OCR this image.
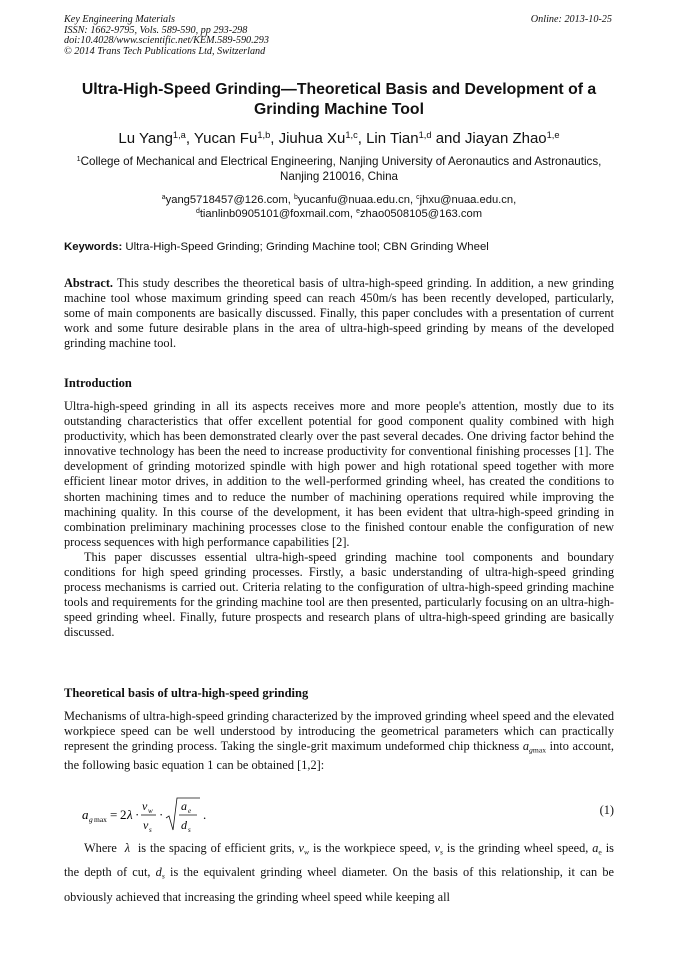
Key Engineering Materials
ISSN: 1662-9795, Vols. 589-590, pp 293-298
doi:10.4028/www.scientific.net/KEM.589-590.293
© 2014 Trans Tech Publications Ltd, Switzerland
Online: 2013-10-25
Ultra-High-Speed Grinding—Theoretical Basis and Development of a Grinding Machine Tool
Lu Yang$^{1,a}$, Yucan Fu$^{1,b}$, Jiuhua Xu$^{1,c}$, Lin Tian$^{1,d}$ and Jiayan Zhao$^{1,e}$
$^1$College of Mechanical and Electrical Engineering, Nanjing University of Aeronautics and Astronautics, Nanjing 210016, China
$^a$yang5718457@126.com, $^b$yucanfu@nuaa.edu.cn, $^c$jhxu@nuaa.edu.cn,
$^d$tianlinb0905101@foxmail.com, $^e$zhao0508105@163.com
Keywords: Ultra-High-Speed Grinding; Grinding Machine tool; CBN Grinding Wheel

Abstract. This study describes the theoretical basis of ultra-high-speed grinding. In addition, a new grinding machine tool whose maximum grinding speed can reach 450m/s has been recently developed, particularly, some of main components are basically discussed. Finally, this paper concludes with a presentation of current work and some future desirable plans in the area of ultra-high-speed grinding by means of the developed grinding machine tool.

Introduction

Ultra-high-speed grinding in all its aspects receives more and more people's attention, mostly due to its outstanding characteristics that offer excellent potential for good component quality combined with high productivity, which has been demonstrated clearly over the past several decades. One driving factor behind the innovative technology has been the need to increase productivity for conventional finishing processes [1]. The development of grinding motorized spindle with high power and high rotational speed together with more efficient linear motor drives, in addition to the well-performed grinding wheel, has created the conditions to shorten machining times and to reduce the number of machining operations required while improving the machining quality. In this course of the development, it has been evident that ultra-high-speed grinding in combination preliminary machining processes close to the finished contour enable the configuration of new process sequences with high performance capabilities [2].

This paper discusses essential ultra-high-speed grinding machine tool components and boundary conditions for high speed grinding processes. Firstly, a basic understanding of ultra-high-speed grinding process mechanisms is carried out. Criteria relating to the configuration of ultra-high-speed grinding machine tools and requirements for the grinding machine tool are then presented, particularly focusing on an ultra-high-speed grinding wheel. Finally, future prospects and research plans of ultra-high-speed grinding are basically discussed.

Theoretical basis of ultra-high-speed grinding

Mechanisms of ultra-high-speed grinding characterized by the improved grinding wheel speed and the elevated workpiece speed can be well understood by introducing the geometrical parameters which can practically represent the grinding process. Taking the single-grit maximum undeformed chip thickness $a_{gmax}$ into account, the following basic equation 1 can be obtained [1,2]:

a g max = 2 λ ·
v w
v s
·
a e
d s
.	(1)
Where  λ  is the spacing of efficient grits, $v_w$ is the workpiece speed, $v_s$ is the grinding wheel speed, $a_e$ is the depth of cut, $d_s$ is the equivalent grinding wheel diameter. On the basis of this relationship, it can be obviously achieved that increasing the grinding wheel speed while keeping all
